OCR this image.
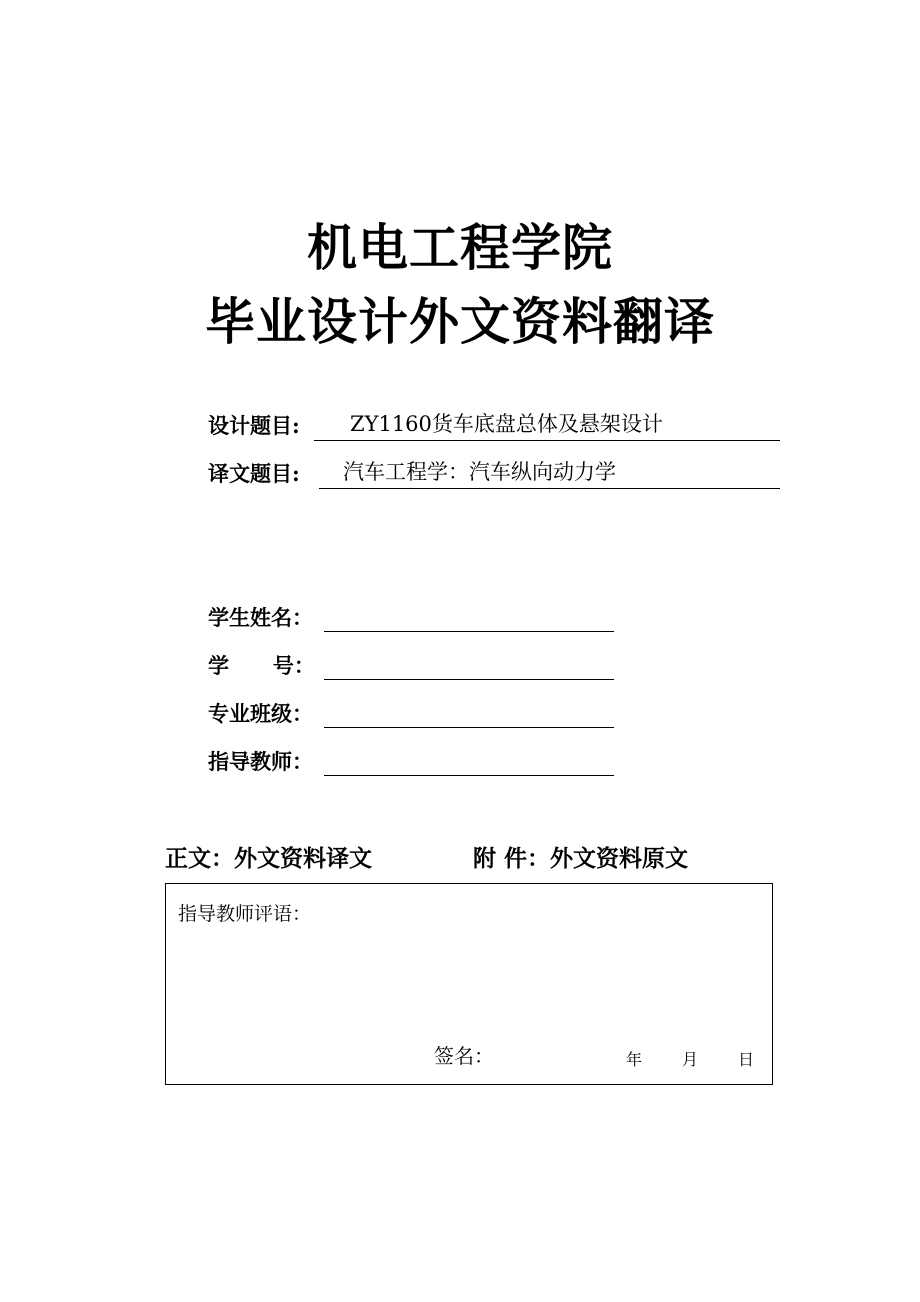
机电工程学院
毕业设计外文资料翻译
设计题目:	ZY1160货车底盘总体及悬架设计
译文题目:	汽车工程学：汽车纵向动力学
学生姓名：
学      号：
专业班级：
指导教师：
正文：外文资料译文	附 件：外文资料原文
指导教师评语：
签名：	年 月 日
